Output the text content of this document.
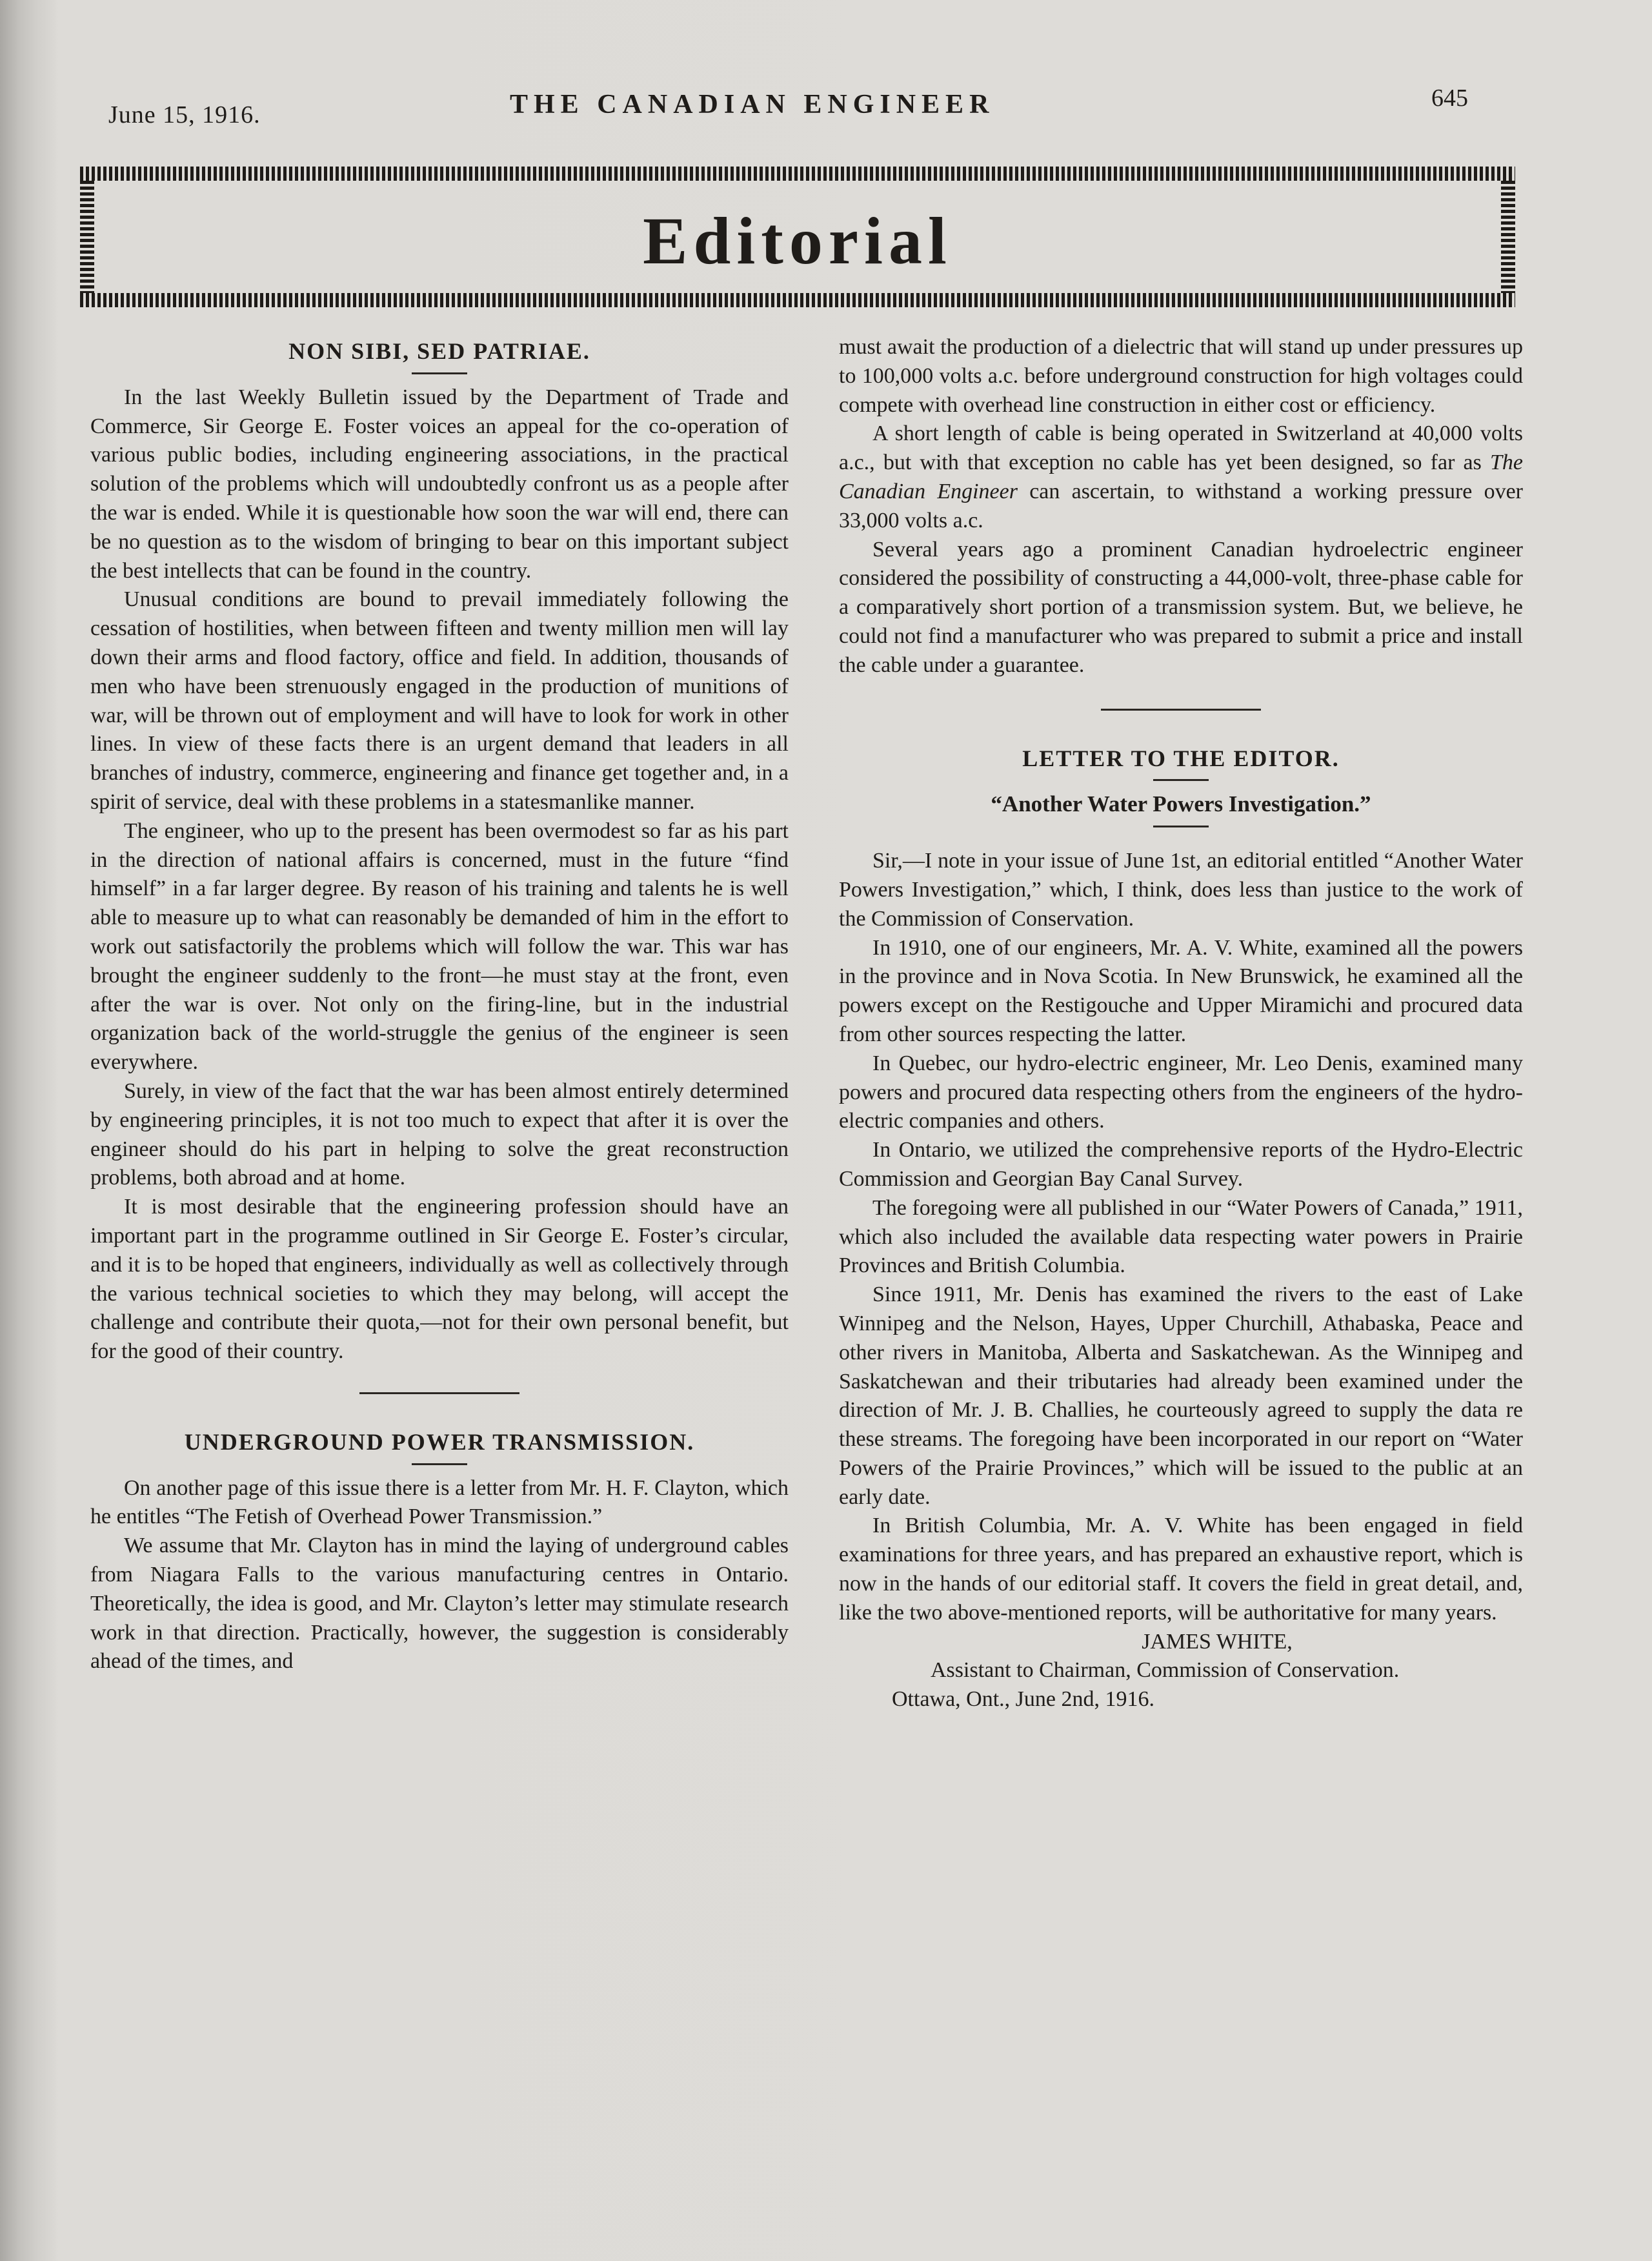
June 15, 1916.	THE CANADIAN ENGINEER	645
Editorial
NON SIBI, SED PATRIAE.

In the last Weekly Bulletin issued by the Department of Trade and Commerce, Sir George E. Foster voices an appeal for the co-operation of various public bodies, including engineering associations, in the practical solution of the problems which will undoubtedly confront us as a people after the war is ended. While it is questionable how soon the war will end, there can be no question as to the wisdom of bringing to bear on this important subject the best intellects that can be found in the country.

Unusual conditions are bound to prevail immediately following the cessation of hostilities, when between fifteen and twenty million men will lay down their arms and flood factory, office and field. In addition, thousands of men who have been strenuously engaged in the production of munitions of war, will be thrown out of employment and will have to look for work in other lines. In view of these facts there is an urgent demand that leaders in all branches of industry, commerce, engineering and finance get together and, in a spirit of service, deal with these problems in a statesmanlike manner.

The engineer, who up to the present has been overmodest so far as his part in the direction of national affairs is concerned, must in the future “find himself” in a far larger degree. By reason of his training and talents he is well able to measure up to what can reasonably be demanded of him in the effort to work out satisfactorily the problems which will follow the war. This war has brought the engineer suddenly to the front—he must stay at the front, even after the war is over. Not only on the firing-line, but in the industrial organization back of the world-struggle the genius of the engineer is seen everywhere.

Surely, in view of the fact that the war has been almost entirely determined by engineering principles, it is not too much to expect that after it is over the engineer should do his part in helping to solve the great reconstruction problems, both abroad and at home.

It is most desirable that the engineering profession should have an important part in the programme outlined in Sir George E. Foster’s circular, and it is to be hoped that engineers, individually as well as collectively through the various technical societies to which they may belong, will accept the challenge and contribute their quota,—not for their own personal benefit, but for the good of their country.

UNDERGROUND POWER TRANSMISSION.

On another page of this issue there is a letter from Mr. H. F. Clayton, which he entitles “The Fetish of Overhead Power Transmission.”

We assume that Mr. Clayton has in mind the laying of underground cables from Niagara Falls to the various manufacturing centres in Ontario. Theoretically, the idea is good, and Mr. Clayton’s letter may stimulate research work in that direction. Practically, however, the suggestion is considerably ahead of the times, and

must await the production of a dielectric that will stand up under pressures up to 100,000 volts a.c. before underground construction for high voltages could compete with overhead line construction in either cost or efficiency.

A short length of cable is being operated in Switzerland at 40,000 volts a.c., but with that exception no cable has yet been designed, so far as The Canadian Engineer can ascertain, to withstand a working pressure over 33,000 volts a.c.

Several years ago a prominent Canadian hydroelectric engineer considered the possibility of constructing a 44,000-volt, three-phase cable for a comparatively short portion of a transmission system. But, we believe, he could not find a manufacturer who was prepared to submit a price and install the cable under a guarantee.

LETTER TO THE EDITOR.
“Another Water Powers Investigation.”

Sir,—I note in your issue of June 1st, an editorial entitled “Another Water Powers Investigation,” which, I think, does less than justice to the work of the Commission of Conservation.

In 1910, one of our engineers, Mr. A. V. White, examined all the powers in the province and in Nova Scotia. In New Brunswick, he examined all the powers except on the Restigouche and Upper Miramichi and procured data from other sources respecting the latter.

In Quebec, our hydro-electric engineer, Mr. Leo Denis, examined many powers and procured data respecting others from the engineers of the hydro-electric companies and others.

In Ontario, we utilized the comprehensive reports of the Hydro-Electric Commission and Georgian Bay Canal Survey.

The foregoing were all published in our “Water Powers of Canada,” 1911, which also included the available data respecting water powers in Prairie Provinces and British Columbia.

Since 1911, Mr. Denis has examined the rivers to the east of Lake Winnipeg and the Nelson, Hayes, Upper Churchill, Athabaska, Peace and other rivers in Manitoba, Alberta and Saskatchewan. As the Winnipeg and Saskatchewan and their tributaries had already been examined under the direction of Mr. J. B. Challies, he courteously agreed to supply the data re these streams. The foregoing have been incorporated in our report on “Water Powers of the Prairie Provinces,” which will be issued to the public at an early date.

In British Columbia, Mr. A. V. White has been engaged in field examinations for three years, and has prepared an exhaustive report, which is now in the hands of our editorial staff. It covers the field in great detail, and, like the two above-mentioned reports, will be authoritative for many years.

JAMES WHITE,

Assistant to Chairman, Commission of Conservation.

Ottawa, Ont., June 2nd, 1916.
